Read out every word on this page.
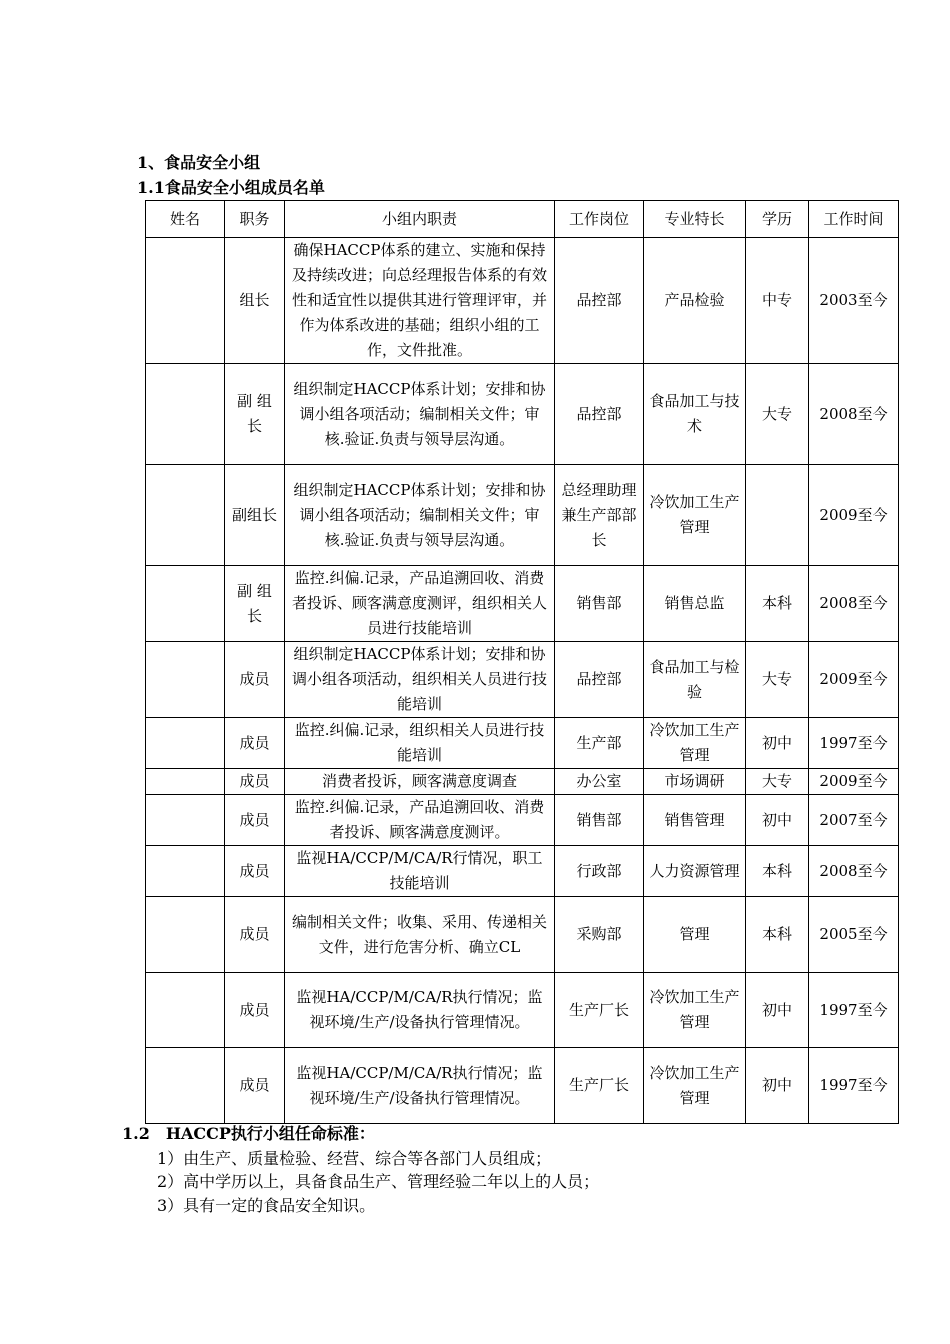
1、食品安全小组
1.1食品安全小组成员名单
姓名	职务	小组内职责	工作岗位	专业特长	学历	工作时间
	组长	确保HACCP体系的建立、实施和保持及持续改进；向总经理报告体系的有效性和适宜性以提供其进行管理评审，并作为体系改进的基础；组织小组的工作，文件批准。	品控部	产品检验	中专	2003至今
	副 组长	组织制定HACCP体系计划；安排和协调小组各项活动；编制相关文件；审核.验证.负责与领导层沟通。	品控部	食品加工与技术	大专	2008至今
	副组长	组织制定HACCP体系计划；安排和协调小组各项活动；编制相关文件；审核.验证.负责与领导层沟通。	总经理助理兼生产部部长	冷饮加工生产管理		2009至今
	副 组长	监控.纠偏.记录，产品追溯回收、消费者投诉、顾客满意度测评，组织相关人员进行技能培训	销售部	销售总监	本科	2008至今
	成员	组织制定HACCP体系计划；安排和协调小组各项活动，组织相关人员进行技能培训	品控部	食品加工与检验	大专	2009至今
	成员	监控.纠偏.记录，组织相关人员进行技能培训	生产部	冷饮加工生产管理	初中	1997至今
	成员	消费者投诉，顾客满意度调查	办公室	市场调研	大专	2009至今
	成员	监控.纠偏.记录，产品追溯回收、消费者投诉、顾客满意度测评。	销售部	销售管理	初中	2007至今
	成员	监视HA/CCP/M/CA/R行情况，职工技能培训	行政部	人力资源管理	本科	2008至今
	成员	编制相关文件；收集、采用、传递相关文件，进行危害分析、确立CL	采购部	管理	本科	2005至今
	成员	监视HA/CCP/M/CA/R执行情况；监视环境/生产/设备执行管理情况。	生产厂长	冷饮加工生产管理	初中	1997至今
	成员	监视HA/CCP/M/CA/R执行情况；监视环境/生产/设备执行管理情况。	生产厂长	冷饮加工生产管理	初中	1997至今
1.2　HACCP执行小组任命标准：
1）由生产、质量检验、经营、综合等各部门人员组成；
2）高中学历以上，具备食品生产、管理经验二年以上的人员；
3）具有一定的食品安全知识。
